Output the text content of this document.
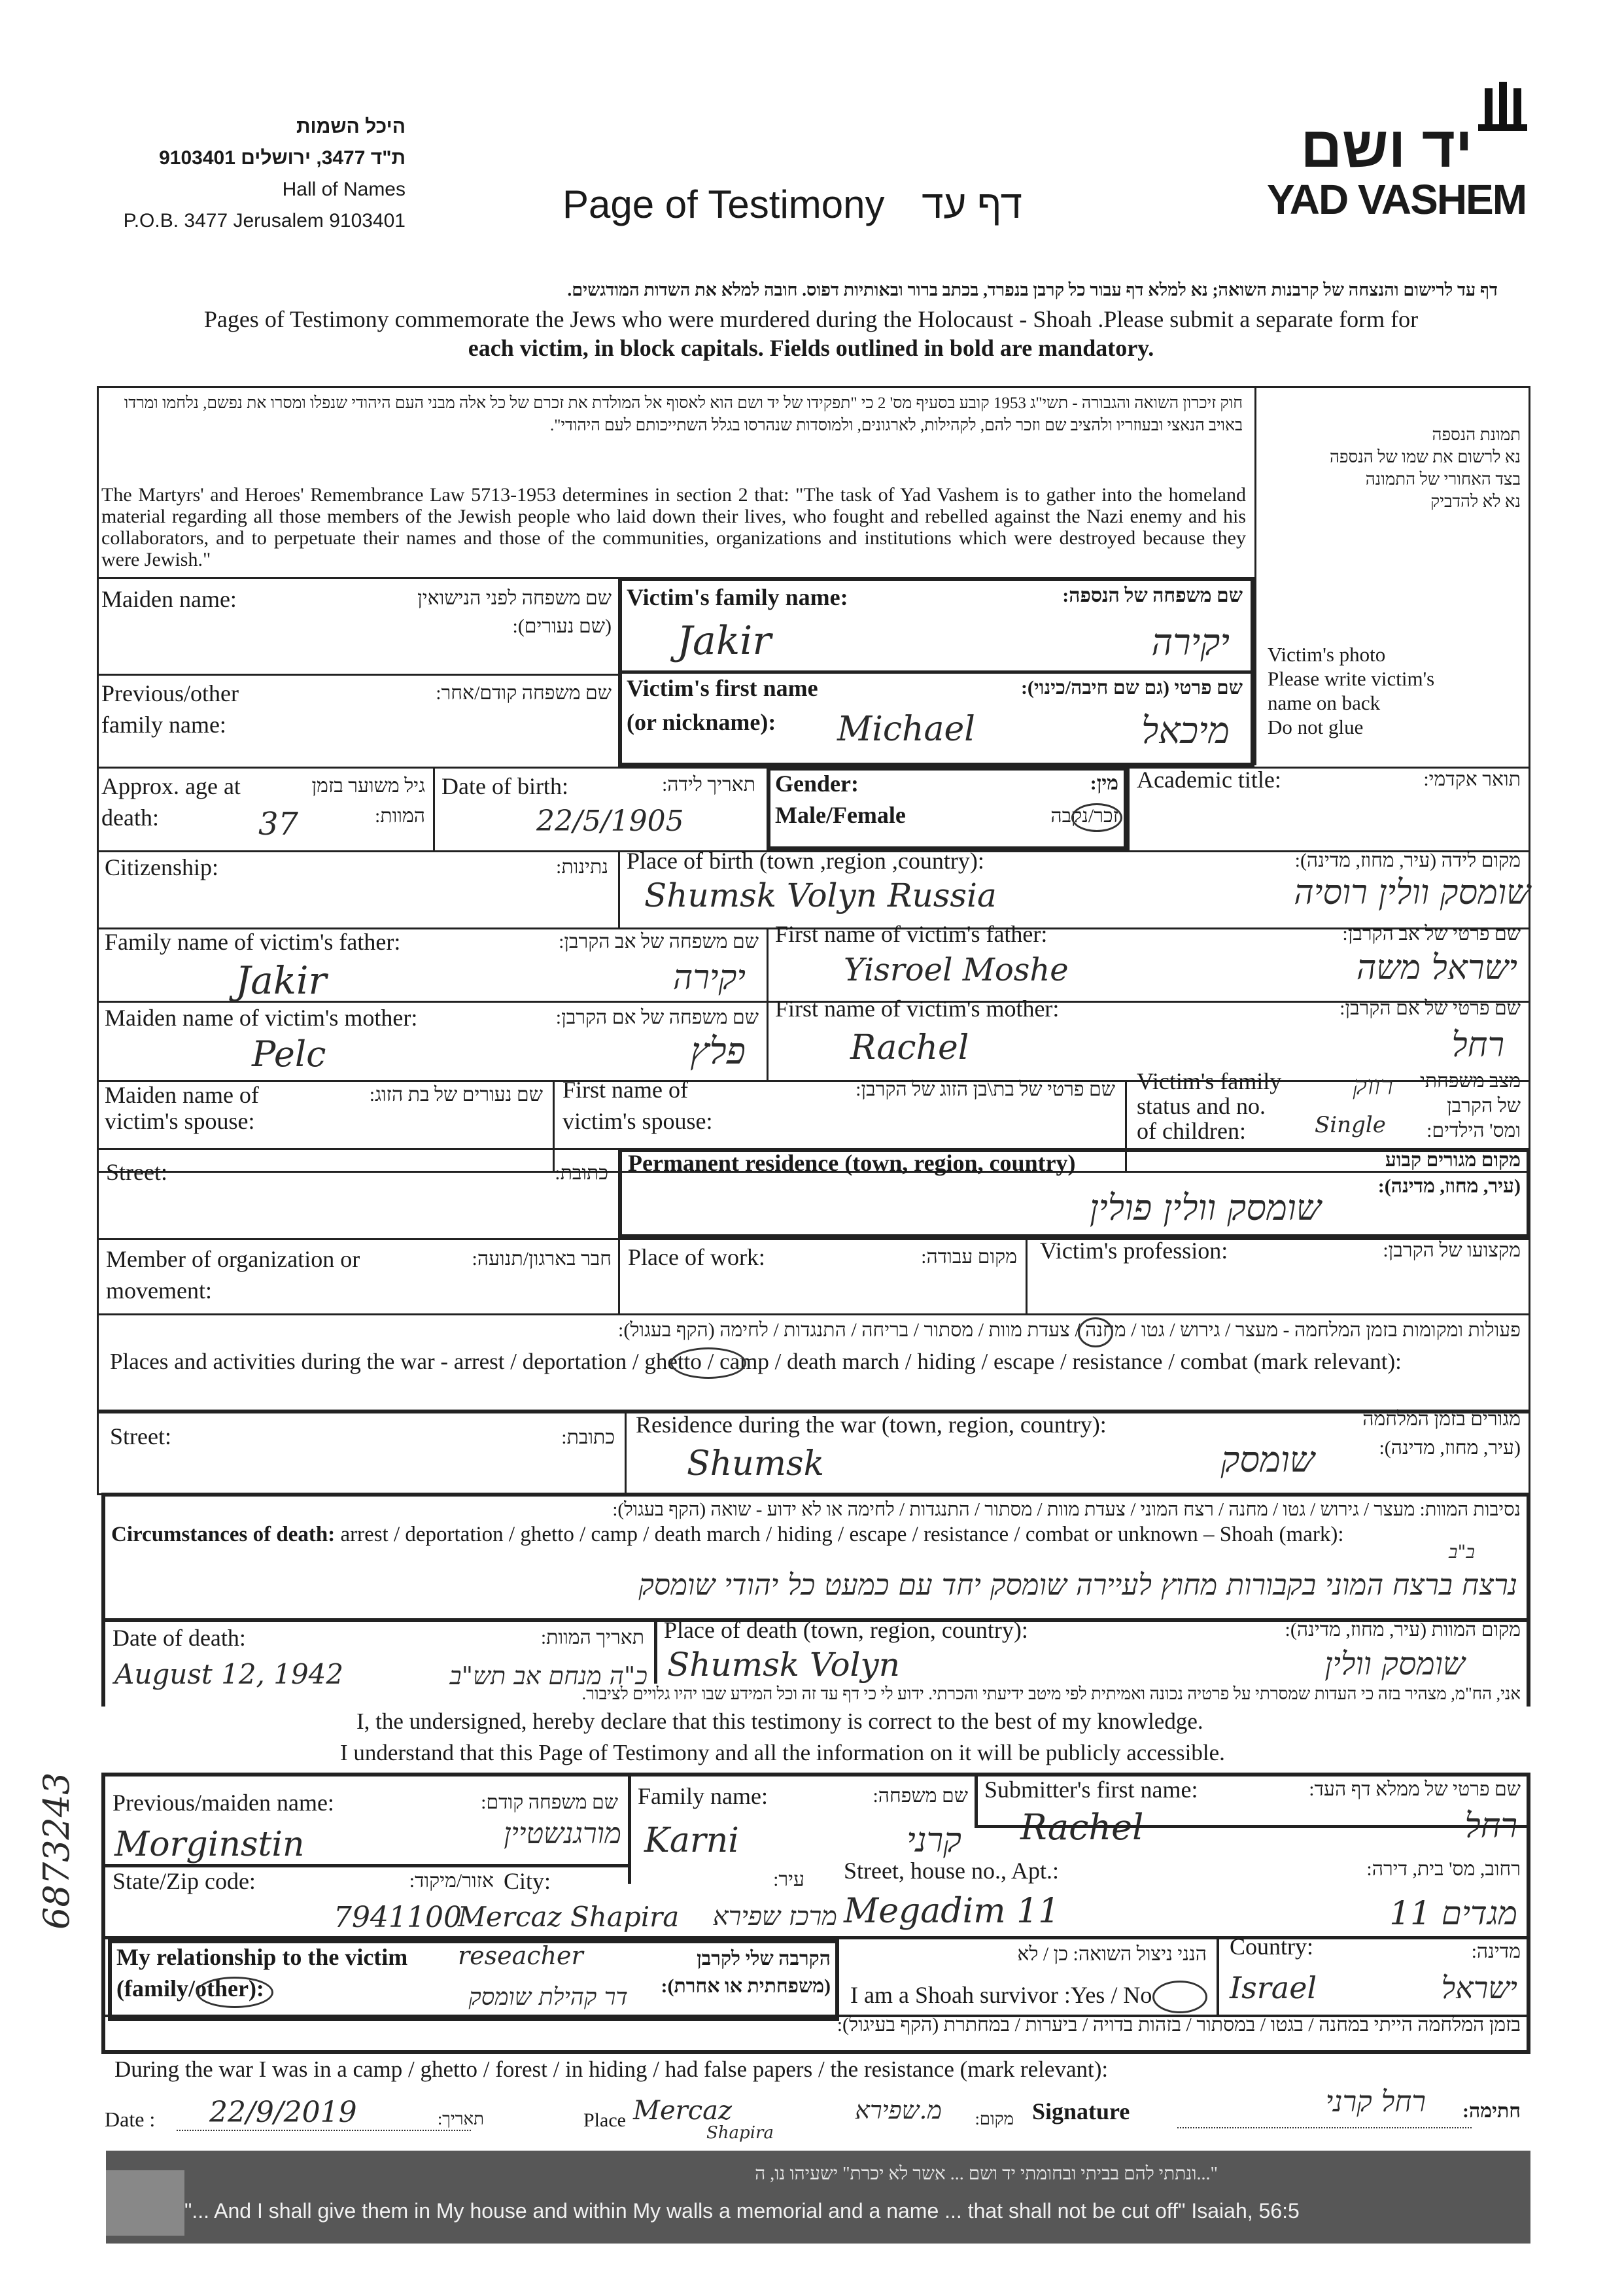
היכל השמות
ת"ד 3477, ירושלים 9103401
Hall of Names
P.O.B. 3477 Jerusalem 9103401	Page of Testimony דף עד
יד ושם
YAD VASHEM
דף עד לרישום והנצחה של קרבנות השואה; נא למלא דף עבור כל קרבן בנפרד, בכתב ברור ובאותיות דפוס. חובה למלא את השדות המודגשים.
Pages of Testimony commemorate the Jews who were murdered during the Holocaust - Shoah .Please submit a separate form for
each victim, in block capitals. Fields outlined in bold are mandatory.
חוק זיכרון השואה והגבורה - תשי"ג 1953 קובע בסעיף מס' 2 כי "תפקידו של יד ושם הוא לאסוף אל המולדת את זכרם של כל אלה מבני העם היהודי שנפלו ומסרו את נפשם, נלחמו ומרדו באויב הנאצי ובעוזריו ולהציב שם וזכר להם, לקהילות, לארגונים, ולמוסדות שנהרסו בגלל השתייכותם לעם היהודי".
The Martyrs' and Heroes' Remembrance Law 5713-1953 determines in section 2 that: "The task of Yad Vashem is to gather into the homeland material regarding all those members of the Jewish people who laid down their lives, who fought and rebelled against the Nazi enemy and his collaborators, and to perpetuate their names and those of the communities, organizations and institutions which were destroyed because they were Jewish."
תמונת הנספה
נא לרשום את שמו של הנספה
בצד האחורי של התמונה
נא לא להדביק
Victim's photo
Please write victim's
name on back
Do not glue
Maiden name:	שם משפחה לפני הנישואין
(שם נעורים):
Victim's family name:	שם משפחה של הנספה:
Jakir	יקירה
Previous/other
family name:
שם משפחה קודם/אחר: Victim's first name
(or nickname):
שם פרטי (גם שם חיבה/כינוי):
Michael	מיכאל
Approx. age at
death:
גיל משוער בזמן
המוות:
37
Date of birth:	תאריך לידה:
22/5/1905
Gender:
Male/Female
מין:
זכר/נקבה
Academic title:	תואר אקדמי:
Citizenship:	נתינות: Place of birth (town ,region ,country):	מקום לידה (עיר, מחוז, מדינה):
Shumsk Volyn Russia	שומסק וולין רוסיה
Family name of victim's father:	שם משפחה של אב הקרבן:
Jakir	יקירה
First name of victim's father:	שם פרטי של אב הקרבן:
Yisroel Moshe	ישראל משה
Maiden name of victim's mother:	שם משפחה של אם הקרבן:
Pelc	פלץ
First name of victim's mother:	שם פרטי של אם הקרבן:
Rachel	רחל
Maiden name of
victim's spouse:
שם נעורים של בת הזוג: First name of
victim's spouse:
שם פרטי של בת\בן הזוג של הקרבן: Victim's family
status and no.
of children:
מצב משפחתי
של הקרבן
ומס' הילדים:
רווק
Single
Street:	כתובת: Permanent residence (town, region, country)	מקום מגורים קבוע
(עיר, מחוז, מדינה):
שומסק וולין פולין
Member of organization or
movement:
חבר בארגון/תנועה: Place of work:	מקום עבודה: Victim's profession:	מקצועו של הקרבן:
פעולות ומקומות בזמן המלחמה - מעצר / גירוש / גטו / מחנה / צעדת מוות / מסתור / בריחה / התנגדות / לחימה (הקף בעגול):
Places and activities during the war - arrest / deportation / ghetto / camp / death march / hiding / escape / resistance / combat (mark relevant):
Street:	כתובת: Residence during the war (town, region, country):	מגורים בזמן המלחמה
(עיר, מחוז, מדינה):
Shumsk	שומסק
נסיבות המוות: מעצר / גירוש / גטו / מחנה / רצח המוני / צעדת מוות / מסתור / התנגדות / לחימה או לא ידוע - שואה (הקף בעגול):
Circumstances of death: arrest / deportation / ghetto / camp / death march / hiding / escape / resistance / combat or unknown – Shoah (mark):
נרצח ברצח המוני בקבורות מחוץ לעיירה שומסק יחד עם כמעט כל יהודי שומסק
ב"ב
Date of death:	תאריך המוות:
August 12, 1942	כ"ה מנחם אב תש"ב
Place of death (town, region, country):	מקום המוות (עיר, מחוז, מדינה):
Shumsk Volyn	שומסק וולין
אני, הח"מ, מצהיר בזה כי העדות שמסרתי על פרטיה נכונה ואמיתית לפי מיטב ידיעתי והכרתי. ידוע לי כי דף עד זה וכל המידע שבו יהיו גלויים לציבור.
I, the undersigned, hereby declare that this testimony is correct to the best of my knowledge.
I understand that this Page of Testimony and all the information on it will be publicly accessible.
6873243 Previous/maiden name:	שם משפחה קודם:
Morginstin	מורגנשטיין
Family name:	שם משפחה:
Karni	קרני
Submitter's first name:	שם פרטי של ממלא דף העד:
Rachel	רחל
State/Zip code:	אזור/מיקוד: City:	עיר:
7941100
Mercaz Shapira	מרכז שפירא
Street, house no., Apt.:	רחוב, מס' בית, דירה:
Megadim 11	מגדים 11
My relationship to the victim
(family/other):
הקרבה שלי לקרבן
(משפחתית או אחרת):
reseacher
דר קהילת שומסק
הנני ניצול השואה: כן / לא
I am a Shoah survivor :Yes / No
Country:	מדינה:
Israel	ישראל
בזמן המלחמה הייתי במחנה / בגטו / במסתור / בזהות בדויה / ביערות / במחתרת (הקף בעיגול):
During the war I was in a camp / ghetto / forest / in hiding / had false papers / the resistance (mark relevant):
Date :	תאריך:
22/9/2019	Place	מקום:
Mercaz
Shapira
מ.שפירא	Signature	רחל קרני	חתימה:
"...ונתתי להם בביתי ובחומתי יד ושם ... אשר לא יכרת" ישעיהו נו, ה
"... And I shall give them in My house and within My walls a memorial and a name ... that shall not be cut off" Isaiah, 56:5
